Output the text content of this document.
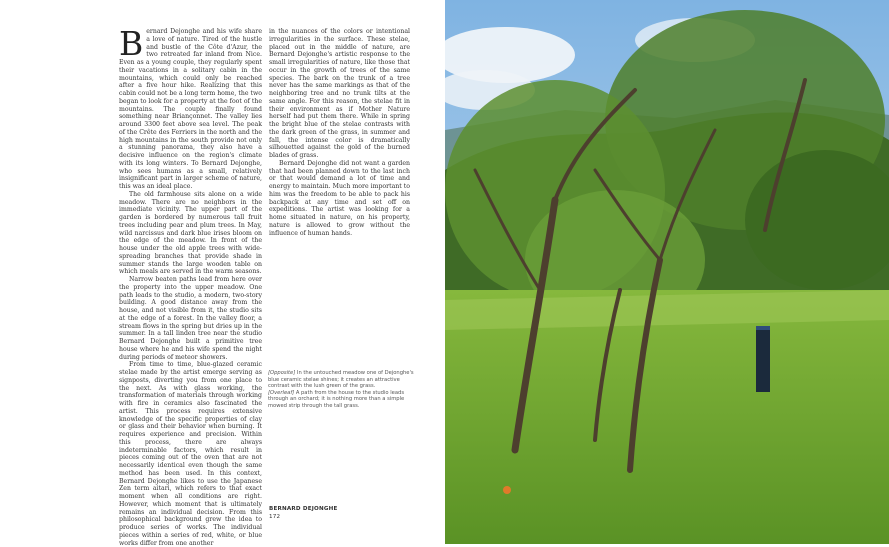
Bernard Dejonghe and his wife share a love of nature. Tired of the hustle and bustle of the Côte d'Azur, the two retreated far inland from Nice. Even as a young couple, they regularly spent their vacations in a solitary cabin in the mountains, which could only be reached after a five hour hike. Realizing that this cabin could not be a long term home, the two began to look for a property at the foot of the mountains. The couple finally found something near Briançonnet. The valley lies around 3300 feet above sea level. The peak of the Crête des Ferriers in the north and the high mountains in the south provide not only a stunning panorama, they also have a decisive influence on the region's climate with its long winters. To Bernard Dejonghe, who sees humans as a small, relatively insignificant part in larger scheme of nature, this was an ideal place.

The old farmhouse sits alone on a wide meadow. There are no neighbors in the immediate vicinity. The upper part of the garden is bordered by numerous tall fruit trees including pear and plum trees. In May, wild narcissus and dark blue irises bloom on the edge of the meadow. In front of the house under the old apple trees with wide-spreading branches that provide shade in summer stands the large wooden table on which meals are served in the warm seasons.

Narrow beaten paths lead from here over the property into the upper meadow. One path leads to the studio, a modern, two-story building. A good distance away from the house, and not visible from it, the studio sits at the edge of a forest. In the valley floor, a stream flows in the spring but dries up in the summer. In a tall linden tree near the studio Bernard Dejonghe built a primitive tree house where he and his wife spend the night during periods of meteor showers.

From time to time, blue-glazed ceramic stelae made by the artist emerge serving as signposts, diverting you from one place to the next. As with glass working, the transformation of materials through working with fire in ceramics also fascinated the artist. This process requires extensive knowledge of the specific properties of clay or glass and their behavior when burning. It requires experience and precision. Within this process, there are always indeterminable factors, which result in pieces coming out of the oven that are not necessarily identical even though the same method has been used. In this context, Bernard Dejonghe likes to use the Japanese Zen term aitari, which refers to that exact moment when all conditions are right. However, which moment that is ultimately remains an individual decision. From this philosophical background grew the idea to produce series of works. The individual pieces within a series of red, white, or blue works differ from one another

in the nuances of the colors or intentional irregularities in the surface. These stelae, placed out in the middle of nature, are Bernard Dejonghe's artistic response to the small irregularities of nature, like those that occur in the growth of trees of the same species. The bark on the trunk of a tree never has the same markings as that of the neighboring tree and no trunk tilts at the same angle. For this reason, the stelae fit in their environment as if Mother Nature herself had put them there. While in spring the bright blue of the stelae contrasts with the dark green of the grass, in summer and fall, the intense color is dramatically silhouetted against the gold of the burned blades of grass.

Bernard Dejonghe did not want a garden that had been planned down to the last inch or that would demand a lot of time and energy to maintain. Much more important to him was the freedom to be able to pack his backpack at any time and set off on expeditions. The artist was looking for a home situated in nature, on his property, nature is allowed to grow without the influence of human hands.

[Opposite] In the untouched meadow one of Dejonghe's blue ceramic stelae shines; it creates an attractive contrast with the lush green of the grass.
[Overleaf] A path from the house to the studio leads through an orchard; it is nothing more than a simple mowed strip through the tall grass.
BERNARD DEJONGHE
172
